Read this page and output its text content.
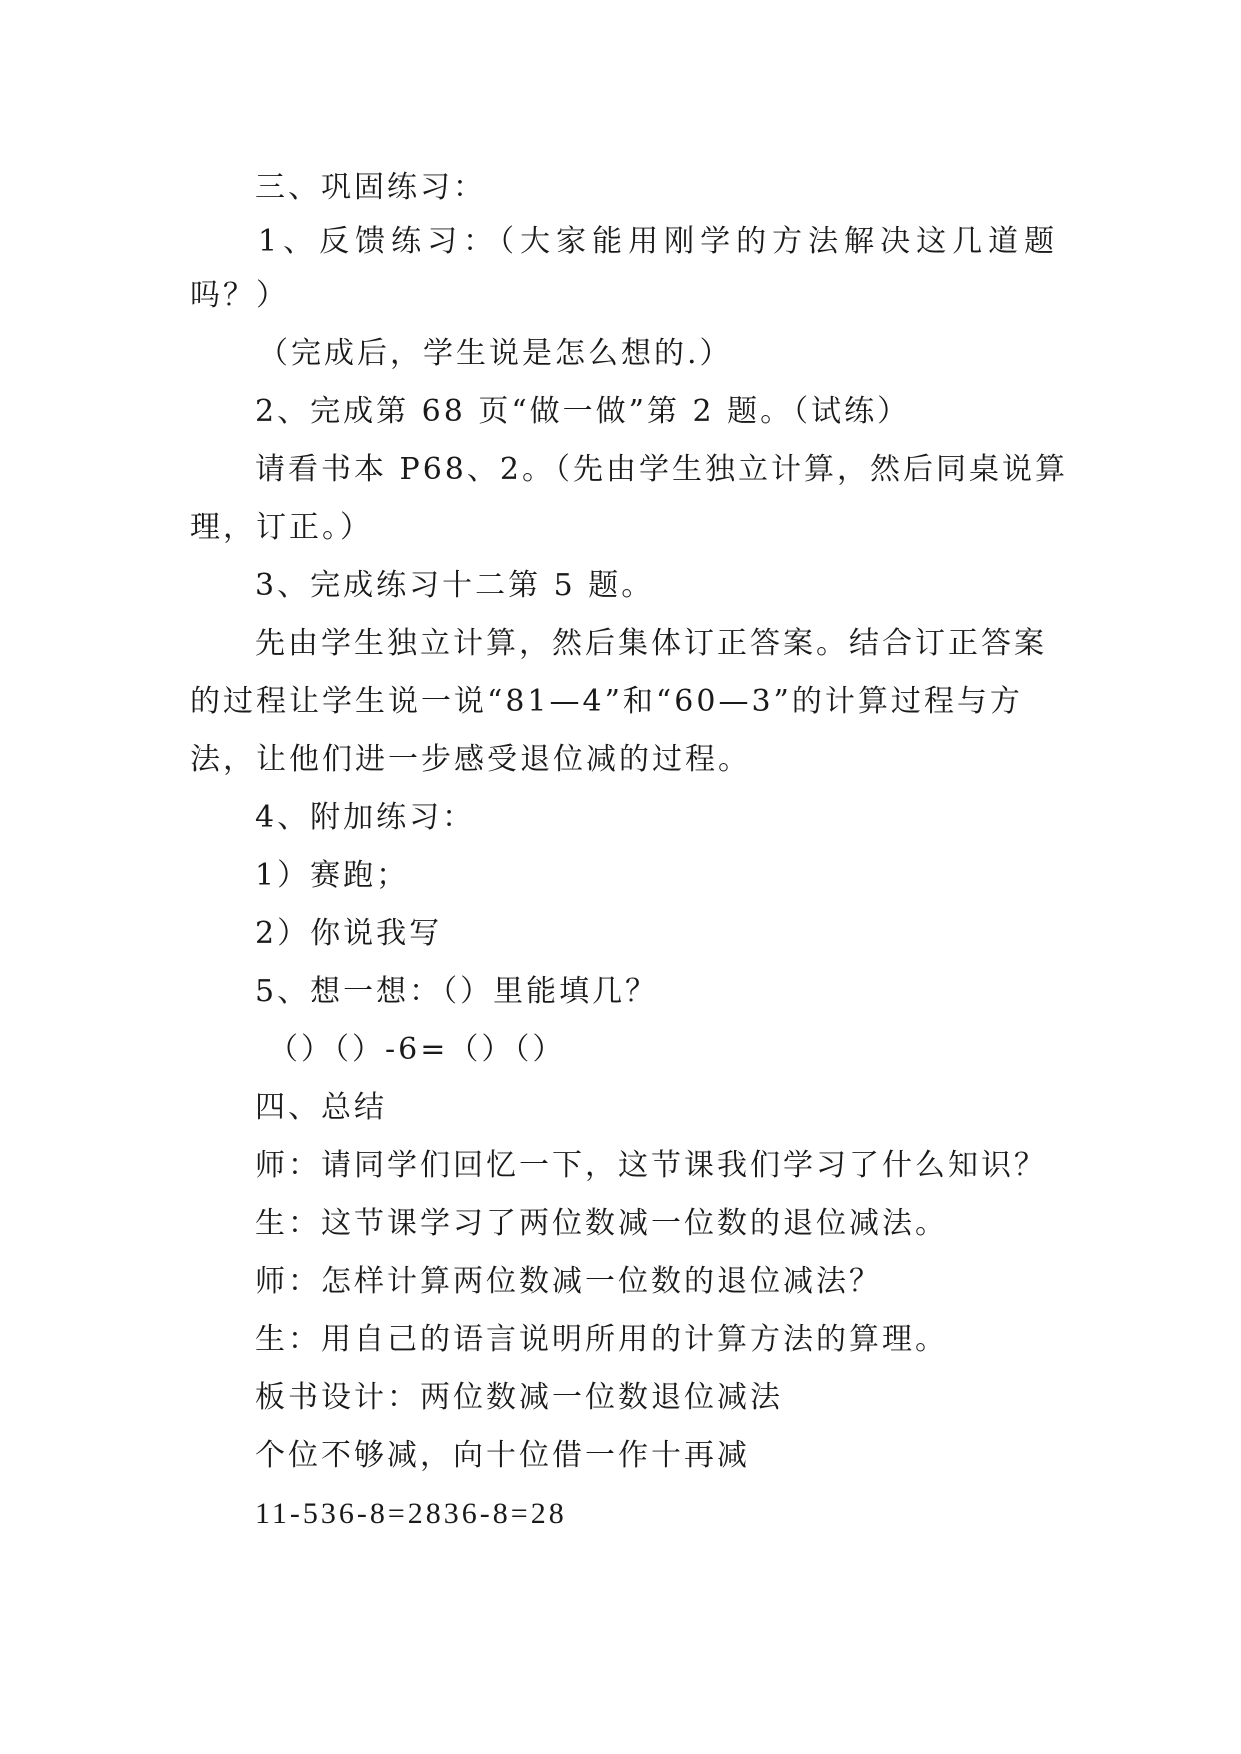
三、巩固练习：
1、反馈练习：（大家能用刚学的方法解决这几道题
吗？）
（完成后，学生说是怎么想的.）
2、完成第 68 页“做一做”第 2 题。（试练）
请看书本 P68、2。（先由学生独立计算，然后同桌说算
理，订正。）
3、完成练习十二第 5 题。
先由学生独立计算，然后集体订正答案。结合订正答案
的过程让学生说一说“81—4”和“60—3”的计算过程与方
法，让他们进一步感受退位减的过程。
4、附加练习：
1）赛跑；
2）你说我写
5、想一想：（）里能填几？
（）（）-6=（）（）
四、总结
师：请同学们回忆一下，这节课我们学习了什么知识？
生：这节课学习了两位数减一位数的退位减法。
师：怎样计算两位数减一位数的退位减法？
生：用自己的语言说明所用的计算方法的算理。
板书设计：两位数减一位数退位减法
个位不够减，向十位借一作十再减
11-536-8=2836-8=28
